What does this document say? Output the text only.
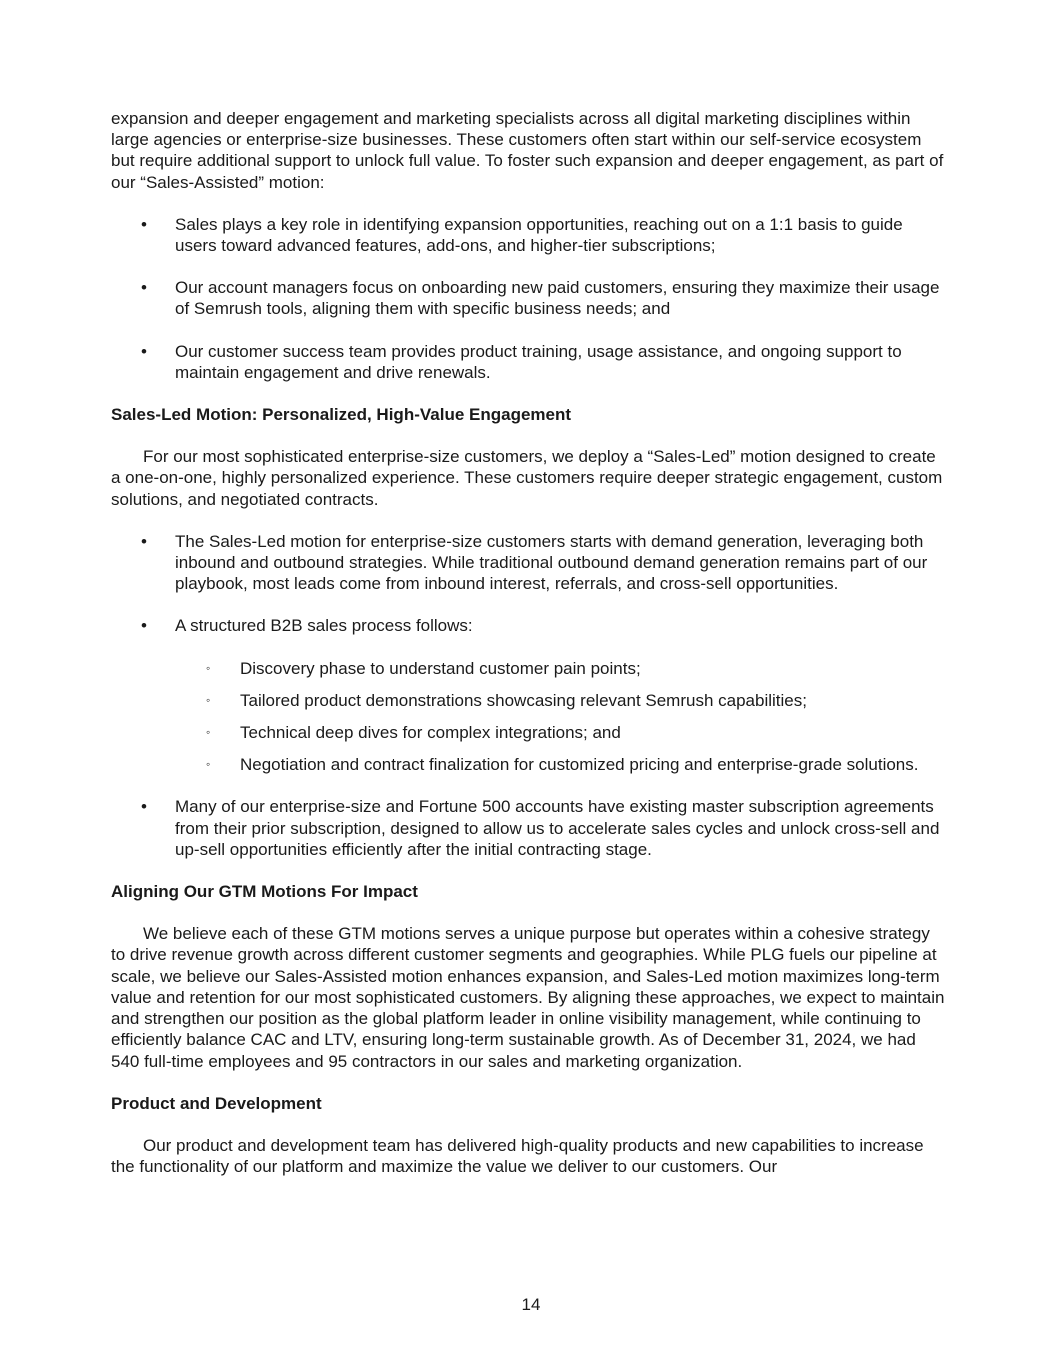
expansion and deeper engagement and marketing specialists across all digital marketing disciplines within large agencies or enterprise-size businesses. These customers often start within our self-service ecosystem but require additional support to unlock full value. To foster such expansion and deeper engagement, as part of our “Sales-Assisted” motion:

• Sales plays a key role in identifying expansion opportunities, reaching out on a 1:1 basis to guide users toward advanced features, add-ons, and higher-tier subscriptions;
• Our account managers focus on onboarding new paid customers, ensuring they maximize their usage of Semrush tools, aligning them with specific business needs; and
• Our customer success team provides product training, usage assistance, and ongoing support to maintain engagement and drive renewals.

Sales-Led Motion: Personalized, High-Value Engagement

For our most sophisticated enterprise-size customers, we deploy a “Sales-Led” motion designed to create a one-on-one, highly personalized experience. These customers require deeper strategic engagement, custom solutions, and negotiated contracts.

• The Sales-Led motion for enterprise-size customers starts with demand generation, leveraging both inbound and outbound strategies. While traditional outbound demand generation remains part of our playbook, most leads come from inbound interest, referrals, and cross-sell opportunities.
• A structured B2B sales process follows:
◦ Discovery phase to understand customer pain points;
◦ Tailored product demonstrations showcasing relevant Semrush capabilities;
◦ Technical deep dives for complex integrations; and
◦ Negotiation and contract finalization for customized pricing and enterprise-grade solutions.
• Many of our enterprise-size and Fortune 500 accounts have existing master subscription agreements from their prior subscription, designed to allow us to accelerate sales cycles and unlock cross-sell and up-sell opportunities efficiently after the initial contracting stage.

Aligning Our GTM Motions For Impact

We believe each of these GTM motions serves a unique purpose but operates within a cohesive strategy to drive revenue growth across different customer segments and geographies. While PLG fuels our pipeline at scale, we believe our Sales-Assisted motion enhances expansion, and Sales-Led motion maximizes long-term value and retention for our most sophisticated customers. By aligning these approaches, we expect to maintain and strengthen our position as the global platform leader in online visibility management, while continuing to efficiently balance CAC and LTV, ensuring long-term sustainable growth. As of December 31, 2024, we had 540 full-time employees and 95 contractors in our sales and marketing organization.

Product and Development

Our product and development team has delivered high-quality products and new capabilities to increase the functionality of our platform and maximize the value we deliver to our customers. Our

14
